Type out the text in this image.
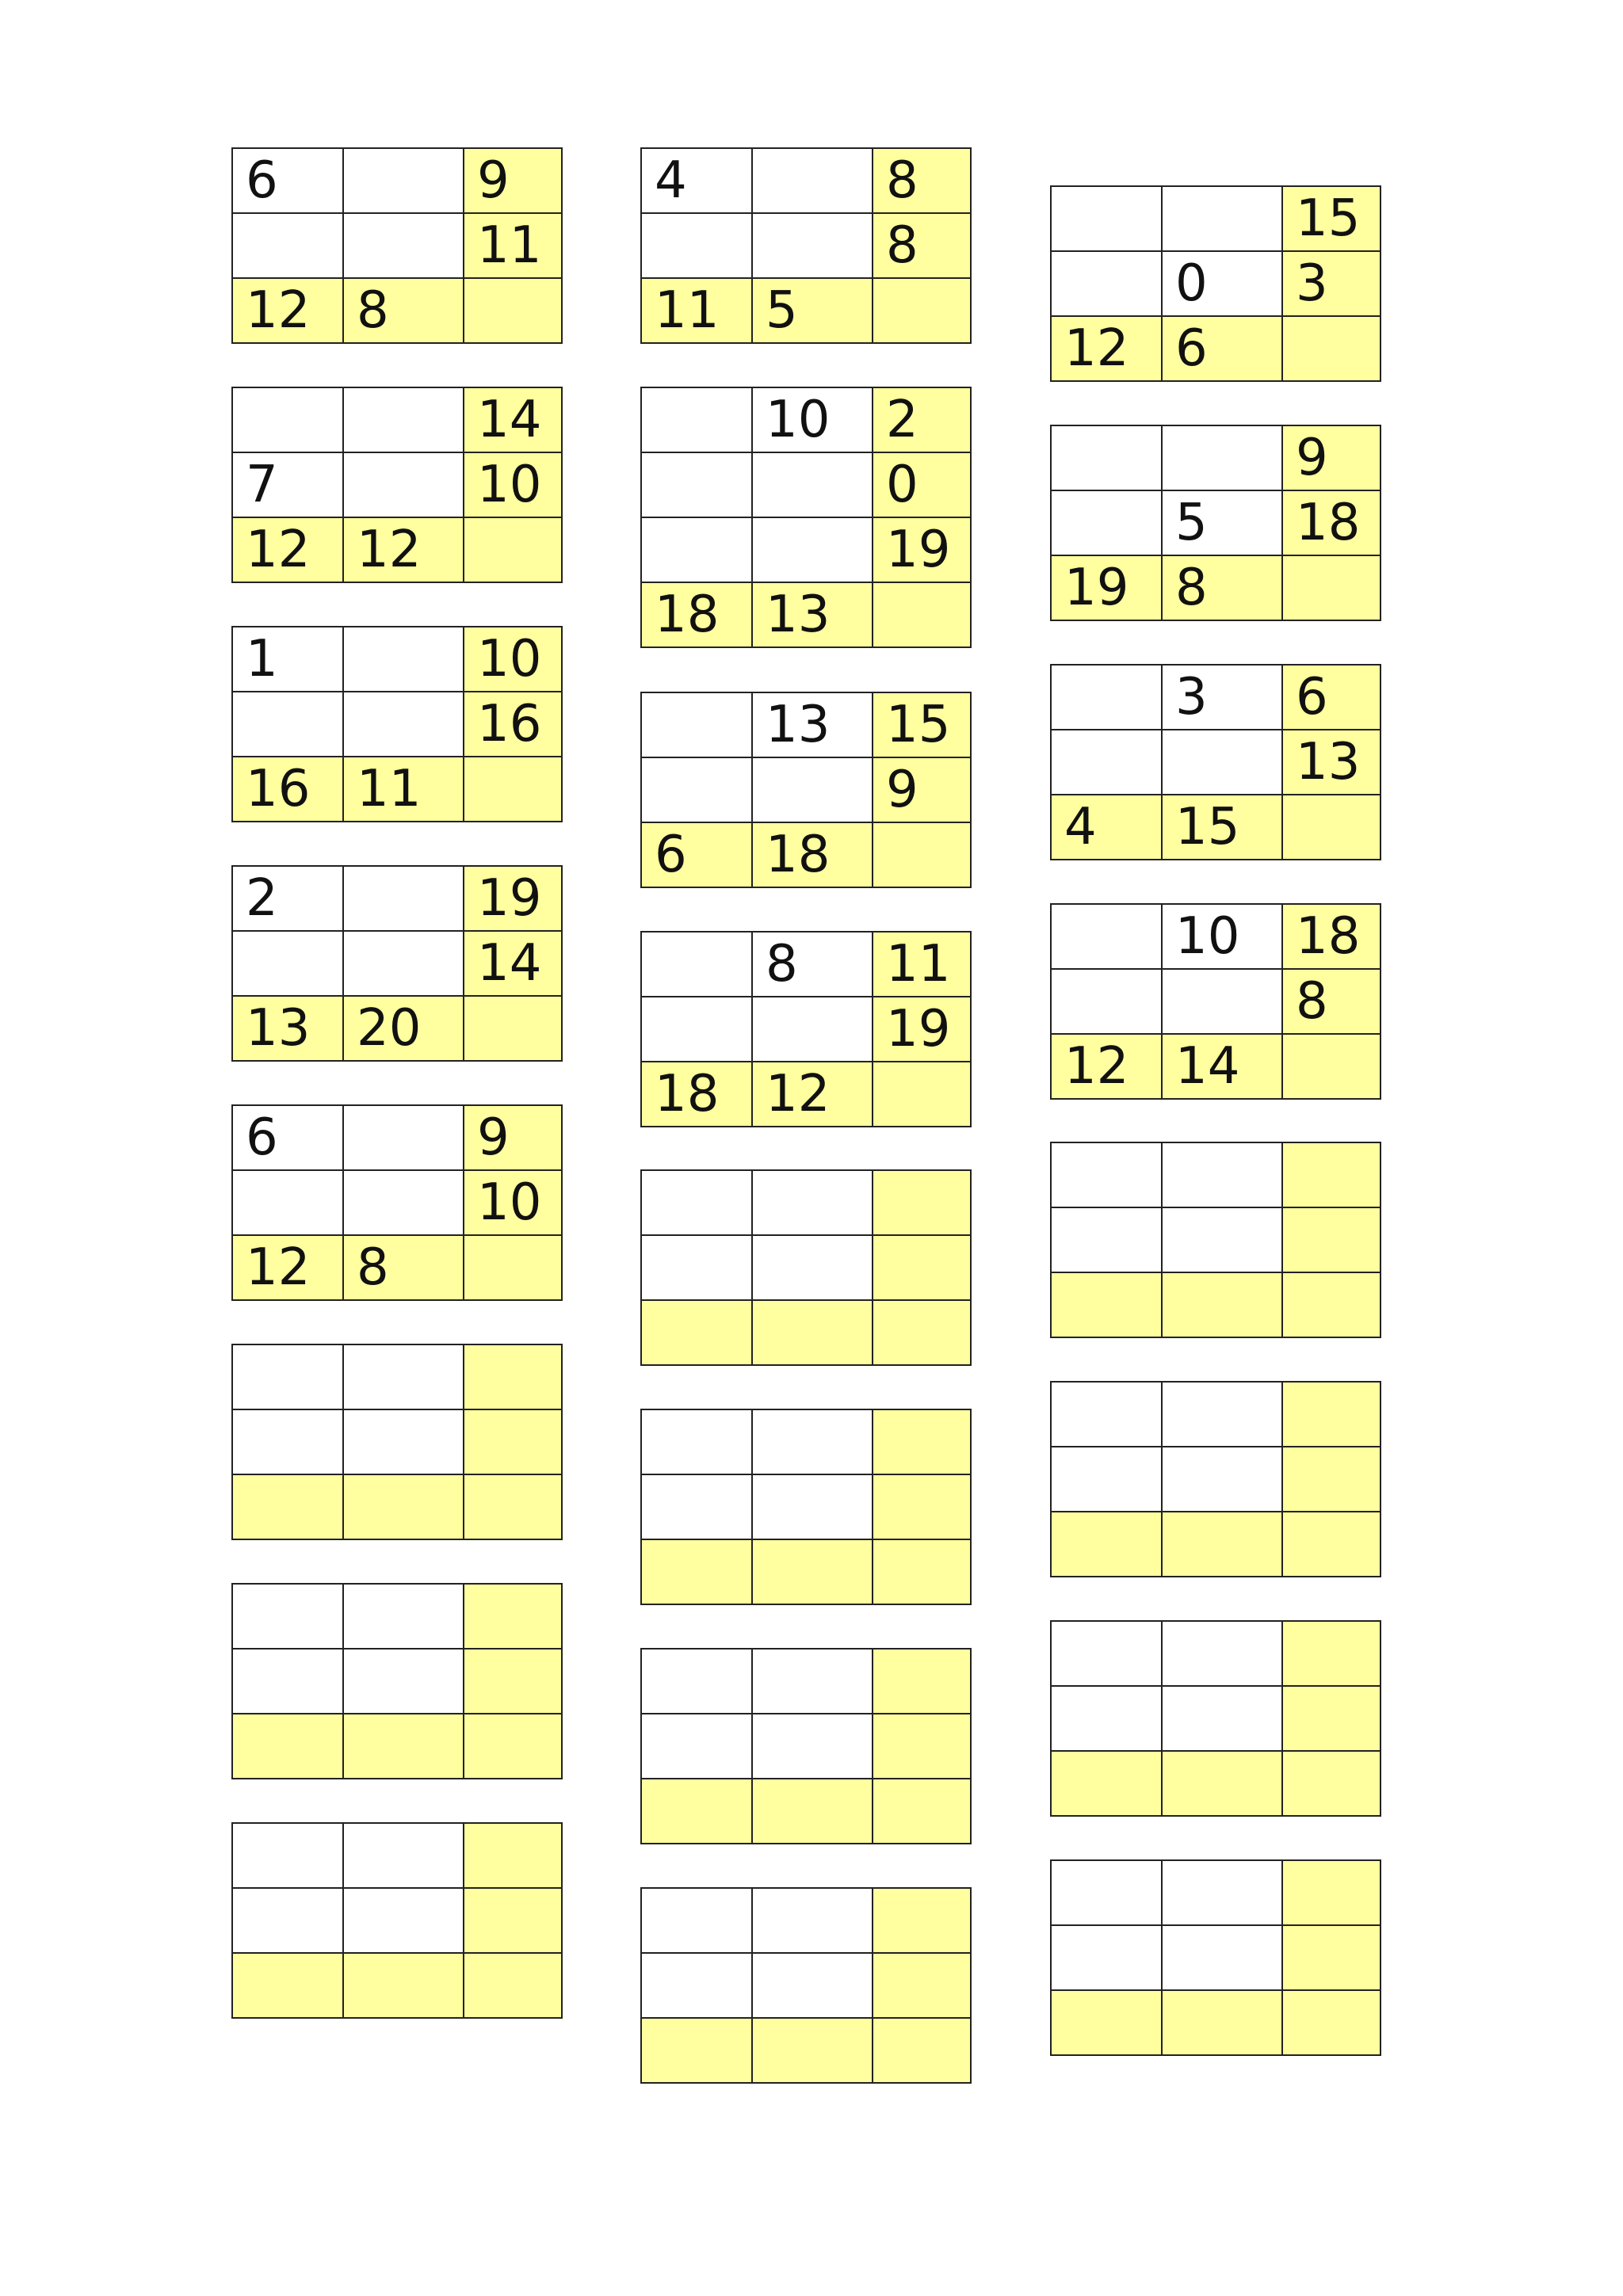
6		9
		11
12	8	
		14
7		10
12	12	
1		10
		16
16	11	
2		19
		14
13	20	
6		9
		10
12	8	

4		8
		8
11	5	
	10	2
		0
		19
18	13	
	13	15
		9
6	18	
	8	11
		19
18	12	

		15
	0	3
12	6	
		9
	5	18
19	8	
	3	6
		13
4	15	
	10	18
		8
12	14	
